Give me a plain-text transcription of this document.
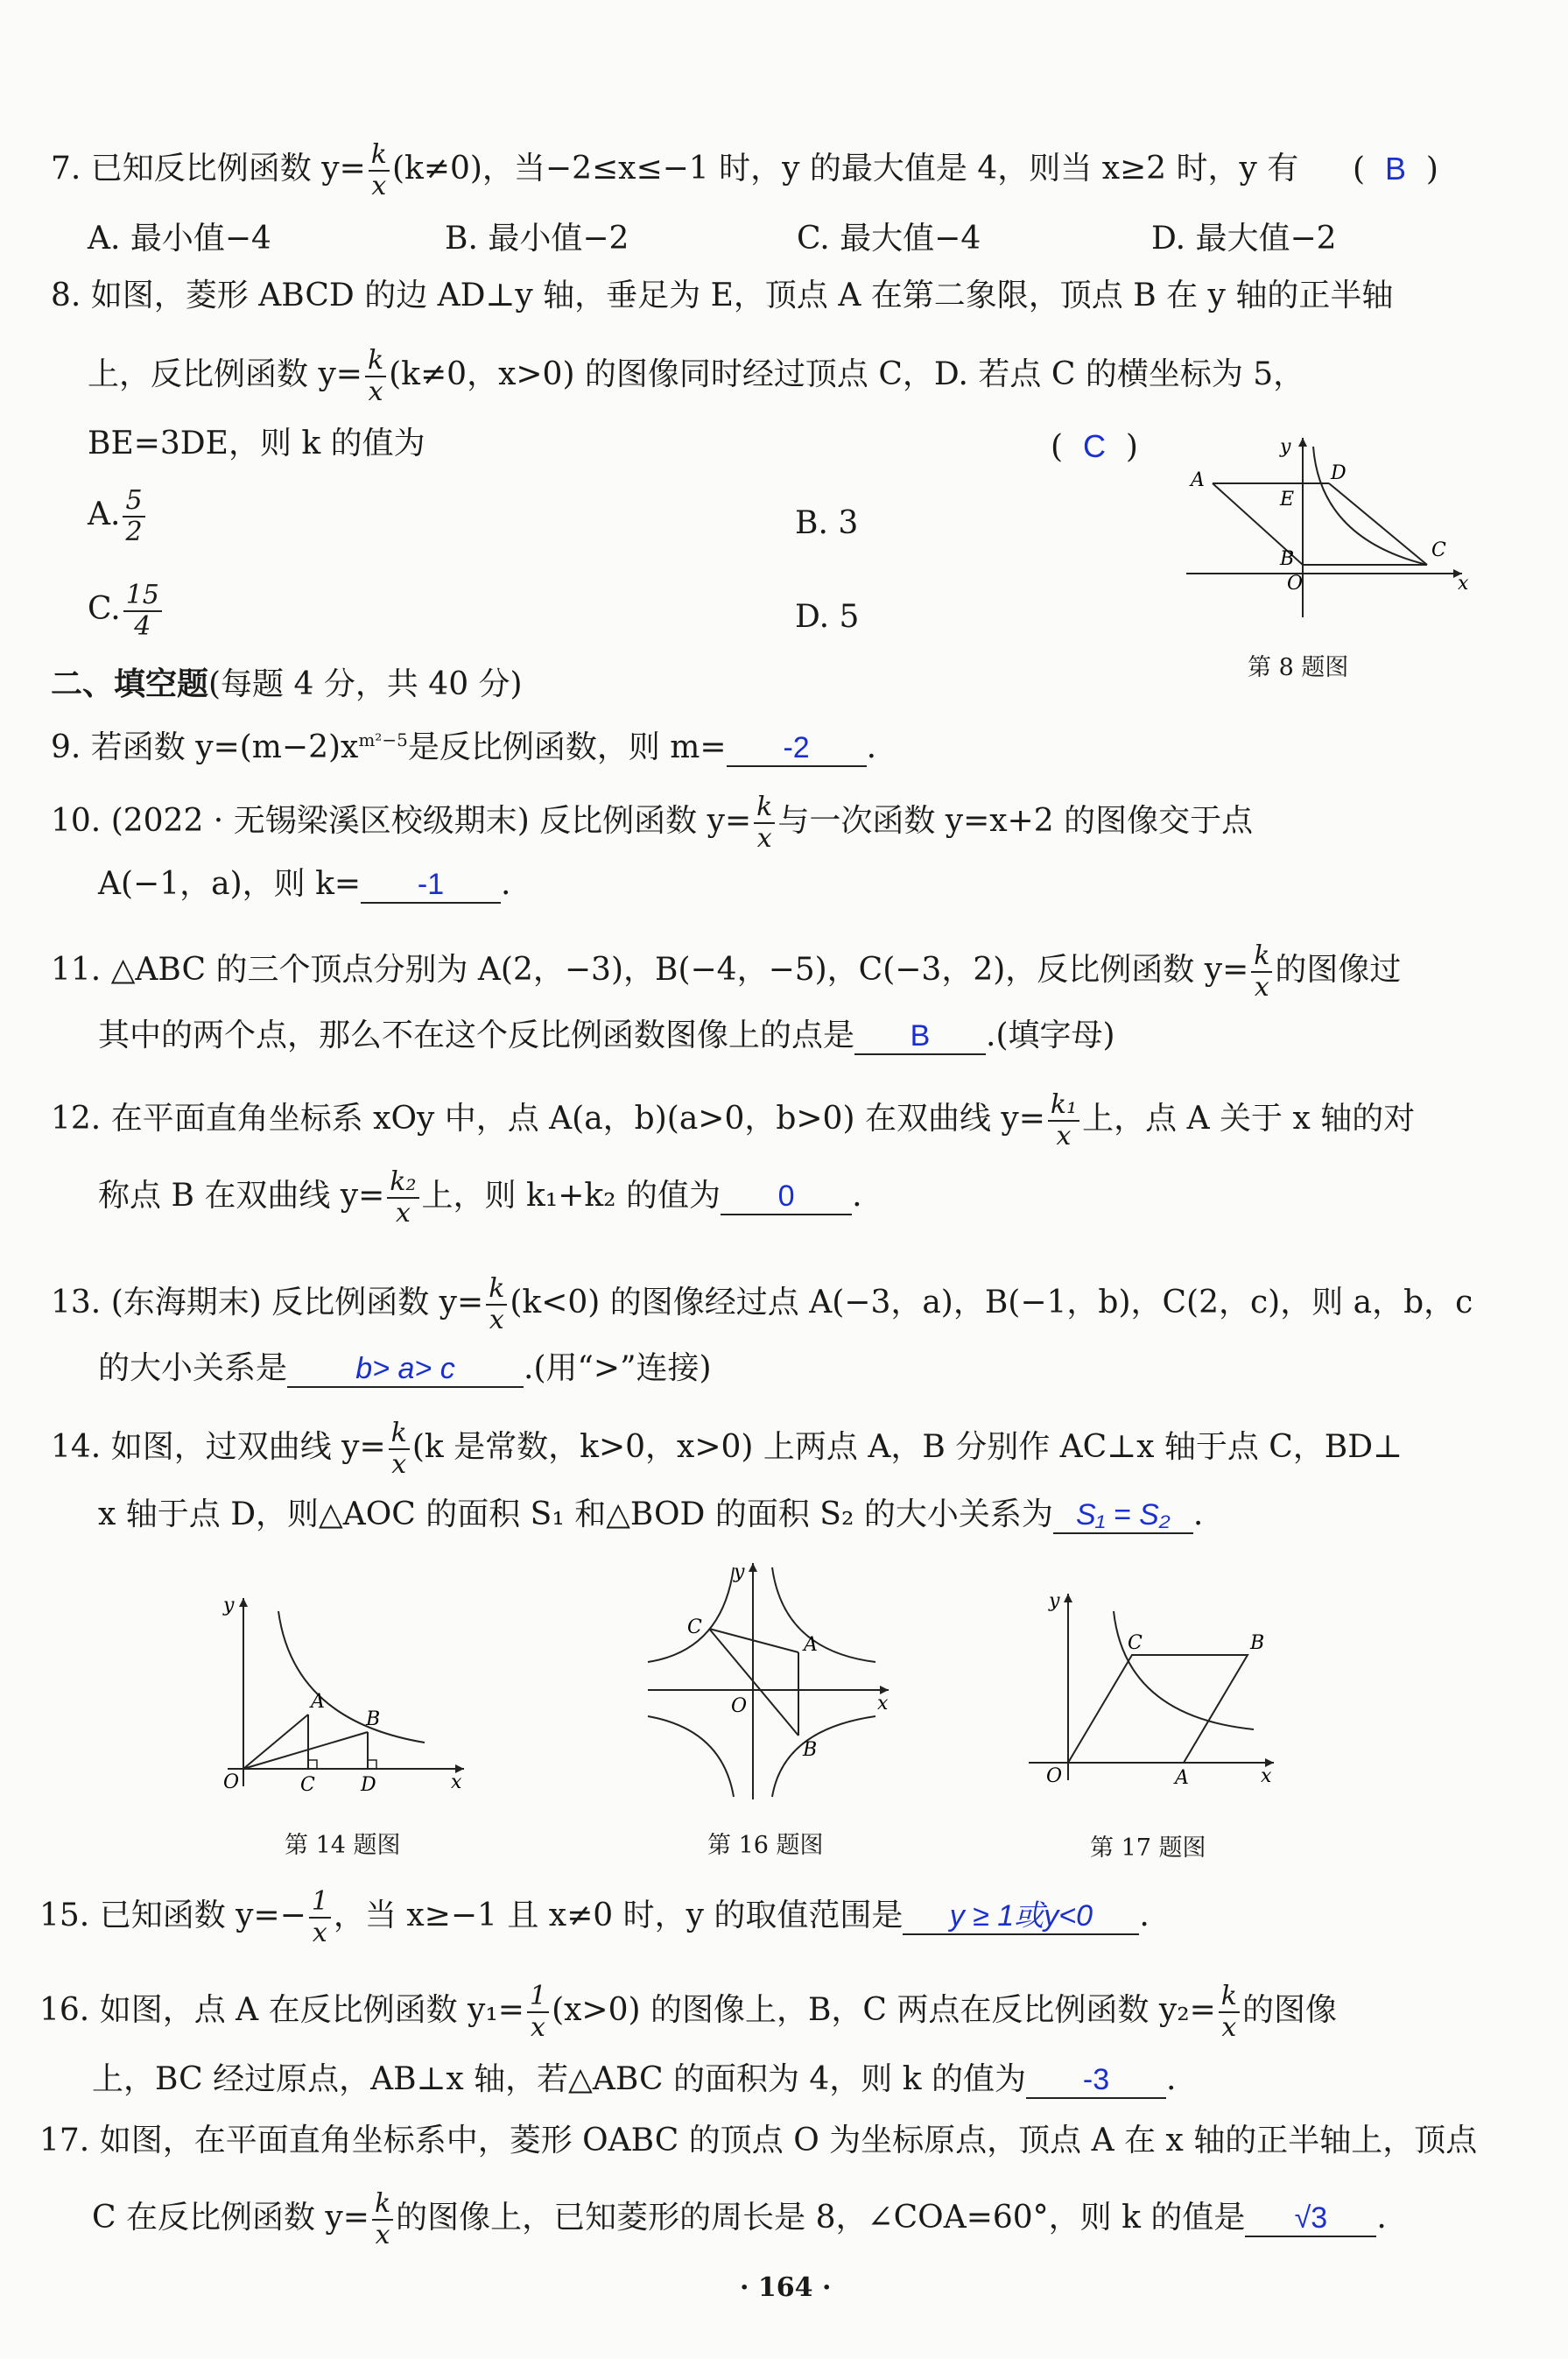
7. 已知反比例函数 $y= \frac{k}{x} (k\ne 0)$，当−2≤x≤−1 时，y 的最大值是 4，则当 x≥2 时，y 有 (  B  )
A. 最小值−4	B. 最小值−2	C. 最大值−4	D. 最大值−2
8. 如图，菱形 ABCD 的边 AD⊥y 轴，垂足为 E，顶点 A 在第二象限，顶点 B 在 y 轴的正半轴
上，反比例函数 $y= \frac{k}{x} (k\ne 0$，x>0) 的图像同时经过顶点 C，D. 若点 C 的横坐标为 5，
BE=3DE，则 k 的值为	(  C  )
A. $\frac{5}{2}$	B. 3
C. $\frac{15}{4}$	D. 5
x
y
O
A	D
E
B	C
第 8 题图
二、填空题(每题 4 分，共 40 分)
9. 若函数 $y=(m-2)x^{m^2-5}$是反比例函数，则 m= -2 .
10. (2022 · 无锡梁溪区校级期末) 反比例函数 $y= \frac{k}{x}$ 与一次函数 y=x+2 的图像交于点
A(−1，a)，则 k= -1 .
11. △ABC 的三个顶点分别为 A(2，−3)，B(−4，−5)，C(−3，2)，反比例函数 $y= \frac{k}{x}$ 的图像过
其中的两个点，那么不在这个反比例函数图像上的点是 B .(填字母)
12. 在平面直角坐标系 xOy 中，点 A(a，b)(a>0，b>0) 在双曲线 $y= \frac{\text{k₁}}{x}$ 上，点 A 关于 x 轴的对
称点 B 在双曲线 $y= \frac{\text{k₂}}{x}$ 上，则 k₁+k₂ 的值为 0 .
13. (东海期末) 反比例函数 $y= \frac{k}{x} (k<0)$ 的图像经过点 A(−3，a)，B(−1，b)，C(2，c)，则 a，b，c
的大小关系是 b> a> c .(用“>”连接)
14. 如图，过双曲线 $y= \frac{k}{x} (k$ 是常数，k>0，x>0) 上两点 A，B 分别作 AC⊥x 轴于点 C，BD⊥
x 轴于点 D，则△AOC 的面积 S₁ 和△BOD 的面积 S₂ 的大小关系为 S₁ = S₂ .
y
x
O
A
B
C D
第 14 题图
y
x
O
C
A
B
第 16 题图
y
x
O
C	B
A
第 17 题图
15. 已知函数 $y=- \frac{1}{x}$ ，当 x≥−1 且 x≠0 时，y 的取值范围是 y ≥ 1或y<0 .
16. 如图，点 A 在反比例函数 $y_1= \frac{1}{x} (x>0)$ 的图像上，B，C 两点在反比例函数 $y_2= \frac{k}{x}$ 的图像
上，BC 经过原点，AB⊥x 轴，若△ABC 的面积为 4，则 k 的值为 -3 .
17. 如图，在平面直角坐标系中，菱形 OABC 的顶点 O 为坐标原点，顶点 A 在 x 轴的正半轴上，顶点
C 在反比例函数 $y= \frac{k}{x}$ 的图像上，已知菱形的周长是 8，∠COA=60°，则 k 的值是 √3 .
· 164 ·
